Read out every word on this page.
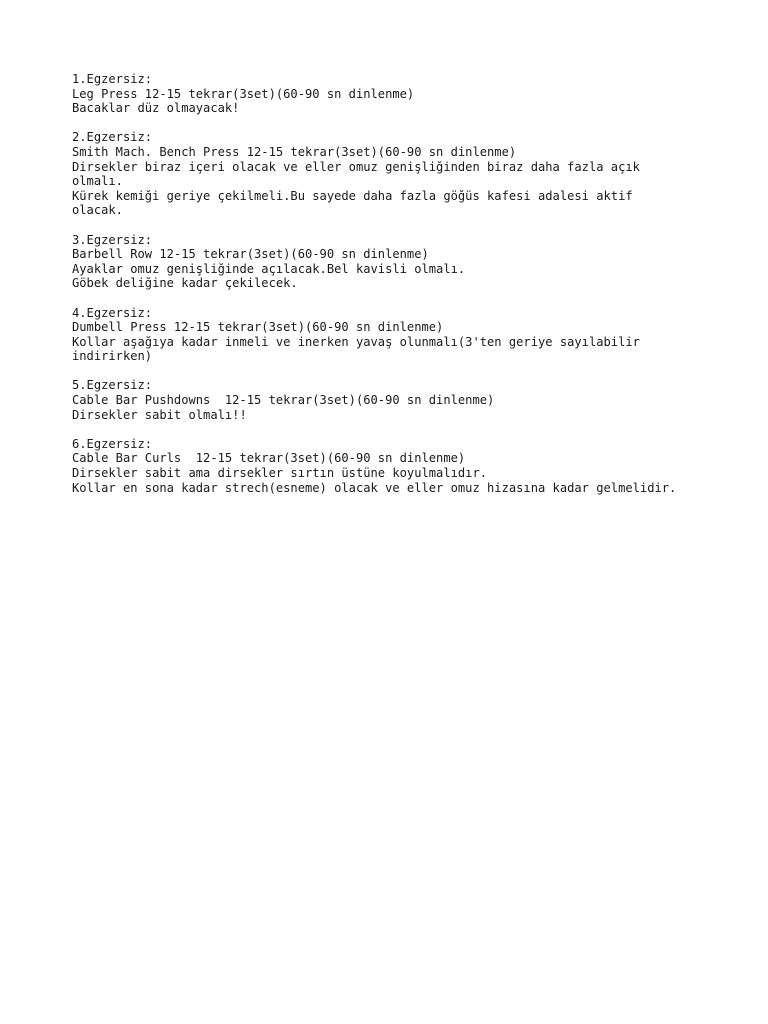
1.Egzersiz:
Leg Press 12-15 tekrar(3set)(60-90 sn dinlenme)
Bacaklar düz olmayacak!
2.Egzersiz:
Smith Mach. Bench Press 12-15 tekrar(3set)(60-90 sn dinlenme)
Dirsekler biraz içeri olacak ve eller omuz genişliğinden biraz daha fazla açık
olmalı.
Kürek kemiği geriye çekilmeli.Bu sayede daha fazla göğüs kafesi adalesi aktif
olacak.
3.Egzersiz:
Barbell Row 12-15 tekrar(3set)(60-90 sn dinlenme)
Ayaklar omuz genişliğinde açılacak.Bel kavisli olmalı.
Göbek deliğine kadar çekilecek.
4.Egzersiz:
Dumbell Press 12-15 tekrar(3set)(60-90 sn dinlenme)
Kollar aşağıya kadar inmeli ve inerken yavaş olunmalı(3'ten geriye sayılabilir
indirirken)
5.Egzersiz:
Cable Bar Pushdowns  12-15 tekrar(3set)(60-90 sn dinlenme)
Dirsekler sabit olmalı!!
6.Egzersiz:
Cable Bar Curls  12-15 tekrar(3set)(60-90 sn dinlenme)
Dirsekler sabit ama dirsekler sırtın üstüne koyulmalıdır.
Kollar en sona kadar strech(esneme) olacak ve eller omuz hizasına kadar gelmelidir.
